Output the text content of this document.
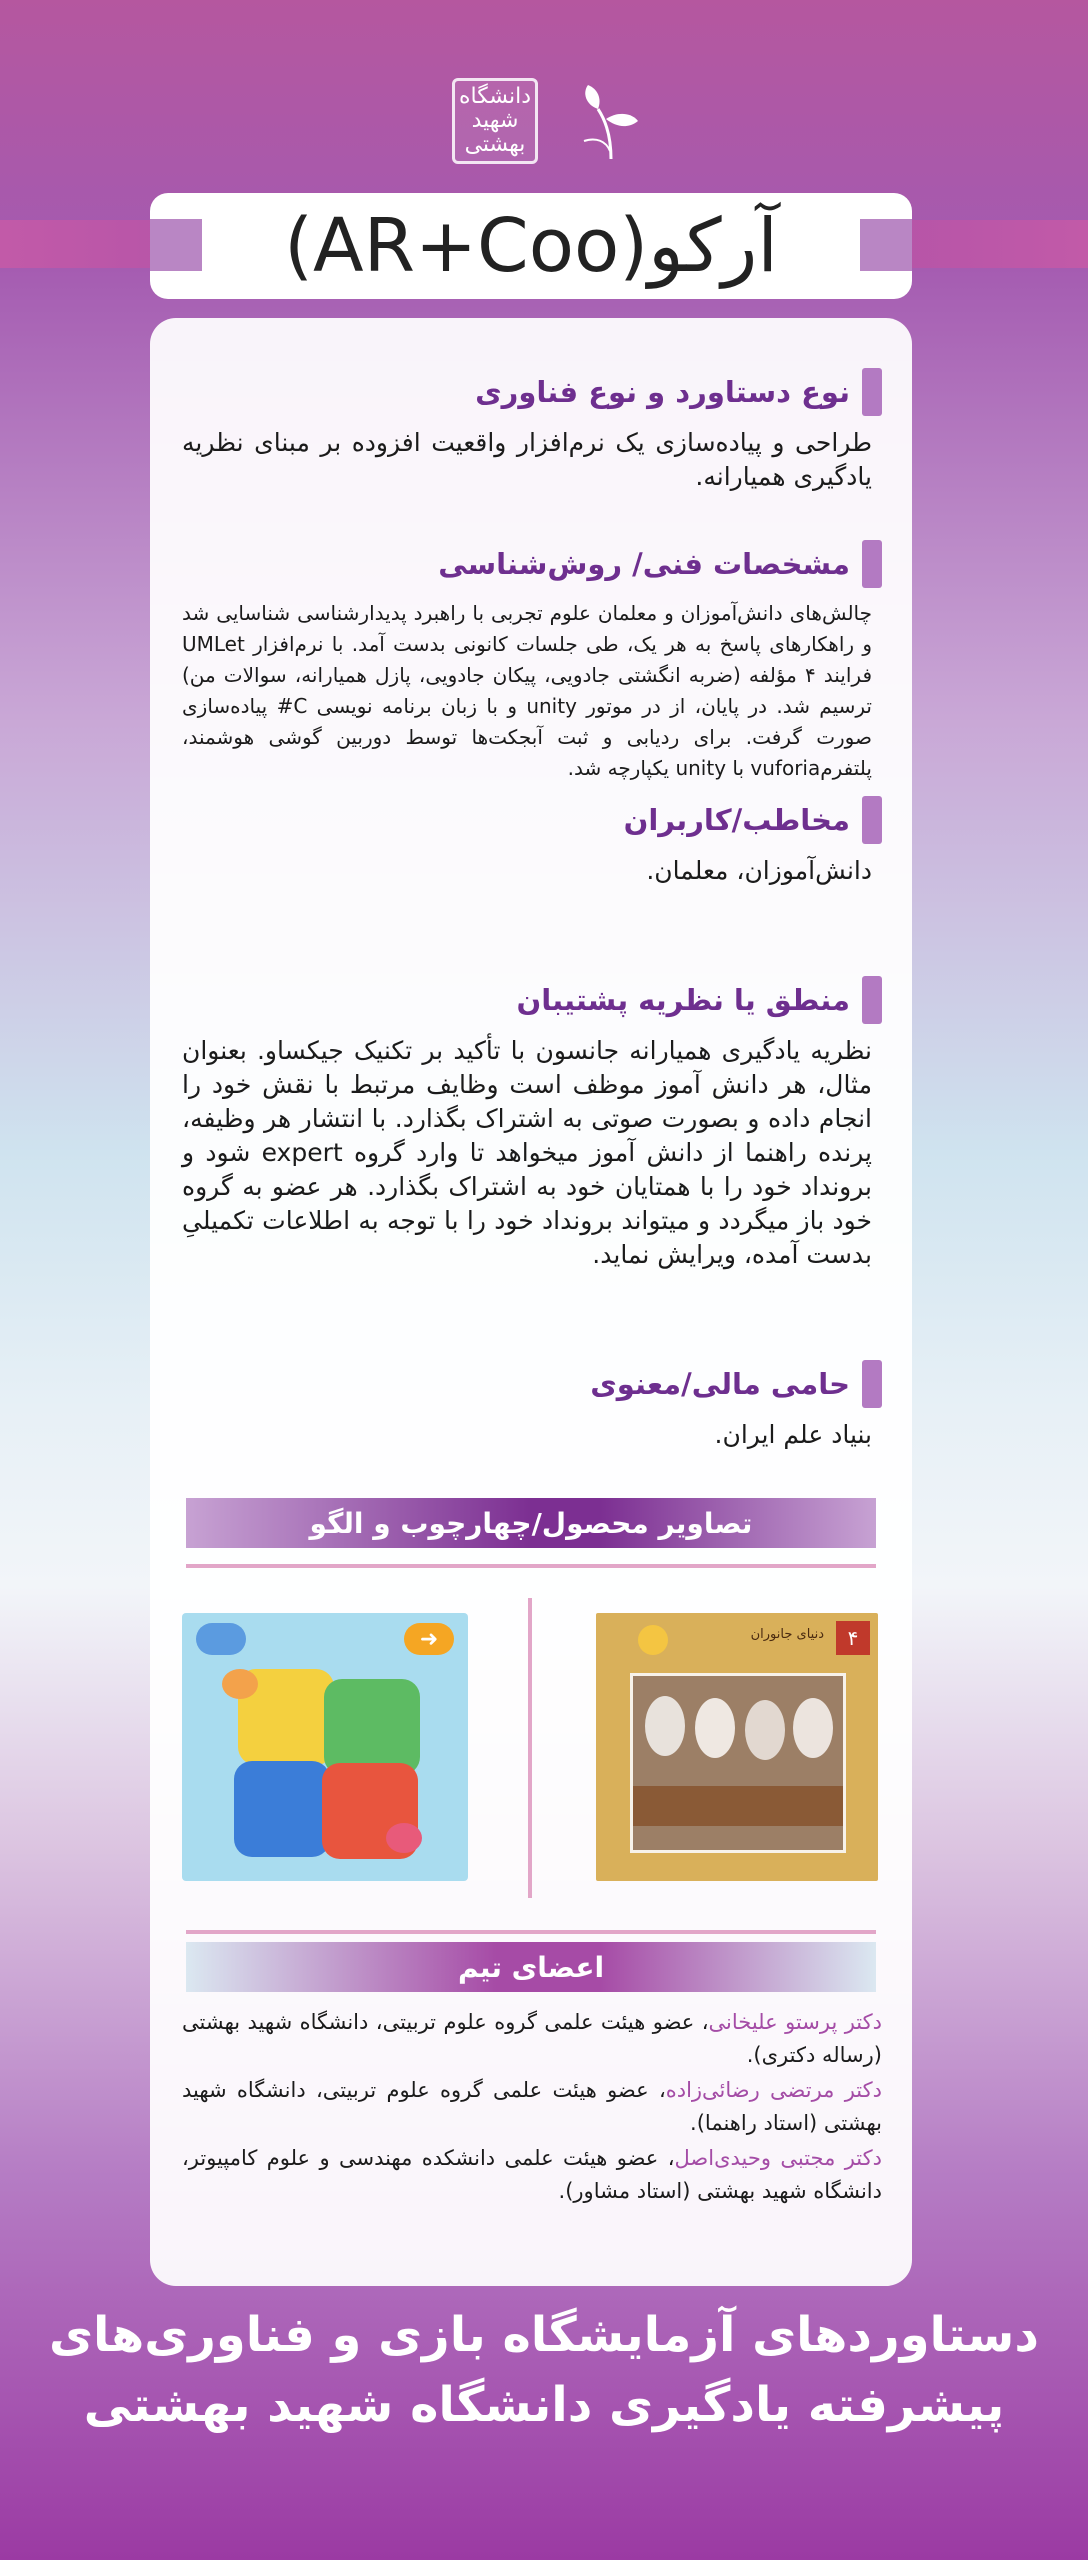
دانشگاه
شهید
بهشتی
آرکو(AR+Coo)
نوع دستاورد و نوع فناوری
طراحی و پیاده‌سازی یک نرم‌افزار واقعیت افزوده بر مبنای نظریه یادگیری همیارانه.
مشخصات فنی/ روش‌شناسی
چالش‌های دانش‌آموزان و معلمان علوم تجربی با راهبرد پدیدارشناسی شناسایی شد و راهکارهای پاسخ به هر یک، طی جلسات کانونی بدست آمد. با نرم‌افزار UMLet فرایند ۴ مؤلفه (ضربه انگشتی جادویی، پیکان جادویی، پازل همیارانه، سوالات من) ترسیم شد. در پایان، از در موتور unity و با زبان برنامه نویسی C# پیاده‌سازی صورت گرفت. برای ردیابی و ثبت آبجکت‌ها توسط دوربین گوشی هوشمند، پلتفرمvuforia با unity یکپارچه شد.
مخاطب/کاربران
دانش‌آموزان، معلمان.
منطق یا نظریه پشتیبان
نظریه یادگیری همیارانه جانسون با تأکید بر تکنیک جیکساو. بعنوان مثال، هر دانش آموز موظف است وظایف مرتبط با نقش خود را انجام داده و بصورت صوتی به اشتراک بگذارد. با انتشار هر وظیفه، پرنده راهنما از دانش آموز میخواهد تا وارد گروه expert شود و برونداد خود را با همتایان خود به اشتراک بگذارد. هر عضو به گروه خود باز میگردد و میتواند برونداد خود را با توجه به اطلاعات تکمیلیِ بدست آمده، ویرایش نماید.
حامی مالی/معنوی
بنیاد علم ایران.
تصاویر محصول/چهارچوب و الگو
۴
دنیای جانوران
➜
اعضای تیم
دکتر پرستو علیخانی، عضو هیئت علمی گروه علوم تربیتی، دانشگاه شهید بهشتی (رساله دکتری).
دکتر مرتضی رضائی‌زاده، عضو هیئت علمی گروه علوم تربیتی، دانشگاه شهید بهشتی (استاد راهنما).
دکتر مجتبی وحیدی‌اصل، عضو هیئت علمی دانشکده مهندسی و علوم کامپیوتر، دانشگاه شهید بهشتی (استاد مشاور).
دستاوردهای آزمایشگاه بازی و فناوری‌های
پیشرفته یادگیری دانشگاه شهید بهشتی
